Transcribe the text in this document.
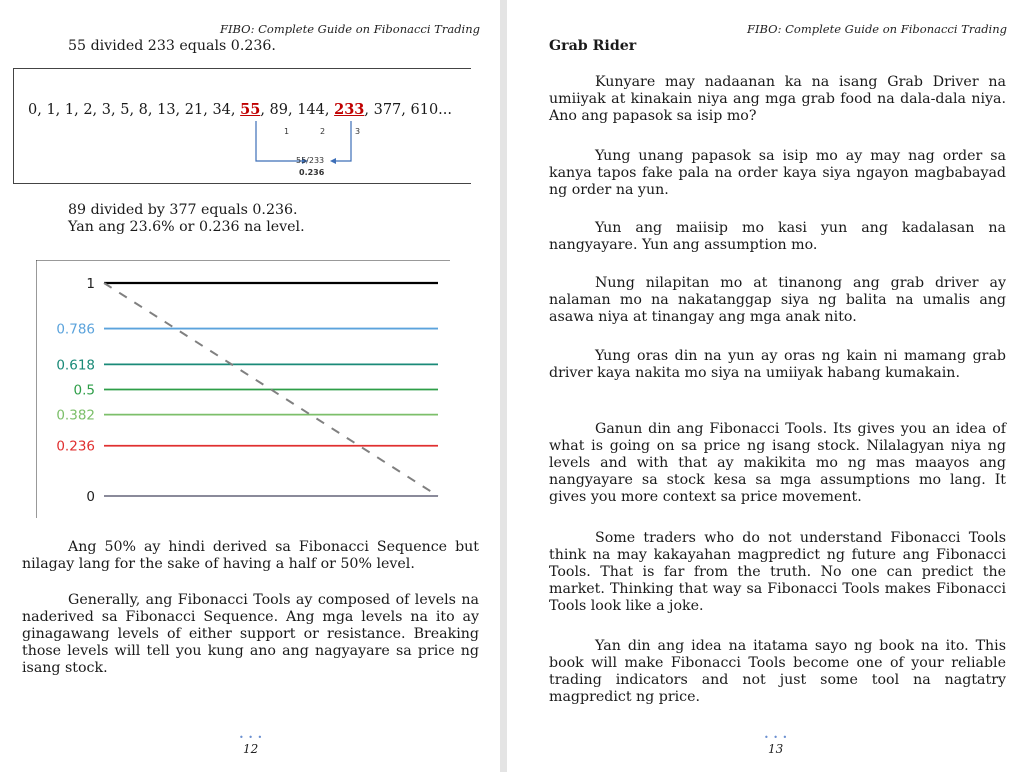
FIBO: Complete Guide on Fibonacci Trading

55 divided 233 equals 0.236.

0, 1, 1, 2, 3, 5, 8, 13, 21, 34, 55, 89, 144, 233, 377, 610...
1	2	3
55/233
0.236

89 divided by 377 equals 0.236.

Yan ang 23.6% or 0.236 na level.

1
0.786
0.618
0.5
0.382
0.236
0

Ang 50% ay hindi derived sa Fibonacci Sequence but nilagay lang for the sake of having a half or 50% level.

Generally, ang Fibonacci Tools ay composed of levels na naderived sa Fibonacci Sequence. Ang mga levels na ito ay ginagawang levels of either support or resistance. Breaking those levels will tell you kung ano ang nagyayare sa price ng isang stock.

• • •
12
FIBO: Complete Guide on Fibonacci Trading
Grab Rider

Kunyare may nadaanan ka na isang Grab Driver na umiiyak at kinakain niya ang mga grab food na dala-dala niya. Ano ang papasok sa isip mo?

Yung unang papasok sa isip mo ay may nag order sa kanya tapos fake pala na order kaya siya ngayon magbabayad ng order na yun.

Yun ang maiisip mo kasi yun ang kadalasan na nangyayare. Yun ang assumption mo.

Nung nilapitan mo at tinanong ang grab driver ay nalaman mo na nakatanggap siya ng balita na umalis ang asawa niya at tinangay ang mga anak nito.

Yung oras din na yun ay oras ng kain ni mamang grab driver kaya nakita mo siya na umiiyak habang kumakain.

Ganun din ang Fibonacci Tools. Its gives you an idea of what is going on sa price ng isang stock. Nilalagyan niya ng levels and with that ay makikita mo ng mas maayos ang nangyayare sa stock kesa sa mga assumptions mo lang. It gives you more context sa price movement.

Some traders who do not understand Fibonacci Tools think na may kakayahan magpredict ng future ang Fibonacci Tools. That is far from the truth. No one can predict the market. Thinking that way sa Fibonacci Tools makes Fibonacci Tools look like a joke.

Yan din ang idea na itatama sayo ng book na ito. This book will make Fibonacci Tools become one of your reliable trading indicators and not just some tool na nagtatry magpredict ng price.

• • •
13
